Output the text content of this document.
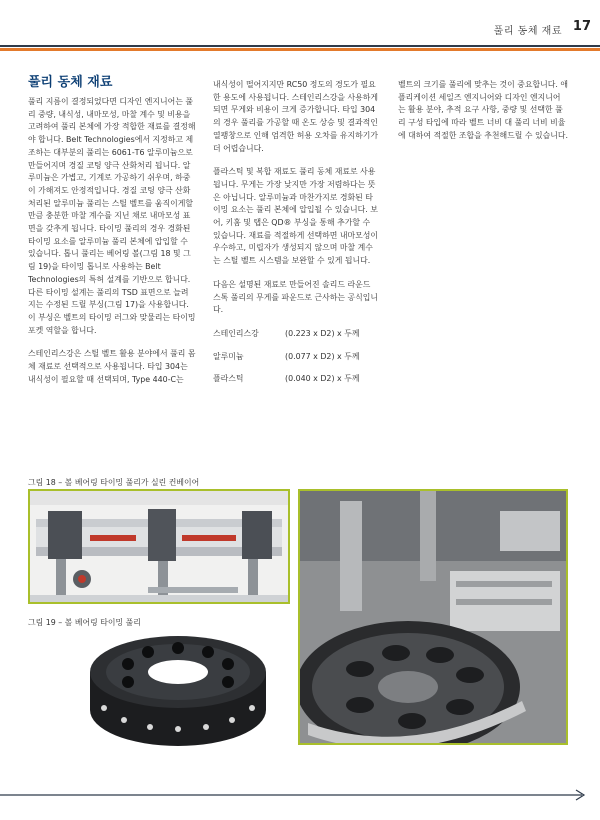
풀리 동체 재료 17
풀리 동체 재료

풀리 지름이 결정되었다면 디자인 엔지니어는 풀리 중량, 내식성, 내마모성, 마찰 계수 및 비용을 고려하여 풀리 본체에 가장 적합한 재료를 결정해야 합니다. Belt Technologies에서 지정하고 제조하는 대부분의 풀리는 6061-T6 알루미늄으로 만들어지며 경질 코팅 양극 산화처리 됩니다. 알루미늄은 가볍고, 기계로 가공하기 쉬우며, 하중이 가해져도 안정적입니다. 경질 코팅 양극 산화처리된 알루미늄 풀리는 스틸 벨트를 움직이게할 만큼 충분한 마찰 계수를 지닌 채로 내마모성 표면을 갖추게 됩니다. 타이밍 풀리의 경우 경화된 타이밍 요소를 알루미늄 풀리 본체에 압입할 수 있습니다. 톱니 풀리는 베어링 볼(그림 18 및 그림 19)을 타이밍 톱니로 사용하는 Belt Technologies의 특허 설계를 기반으로 합니다. 다른 타이밍 설계는 풀리의 TSD 표면으로 늘려지는 수정된 드릴 부싱(그림 17)을 사용합니다. 이 부싱은 벨트의 타이밍 러그와 맞물리는 타이밍 포켓 역할을 합니다.

스테인리스강은 스틸 벨트 활용 분야에서 풀리 몸체 재료로 선택적으로 사용됩니다. 타입 304는 내식성이 필요할 때 선택되며, Type 440-C는

내식성이 떨어지지만 RC50 정도의 경도가 필요한 용도에 사용됩니다. 스테인리스강을 사용하게 되면 무게와 비용이 크게 증가합니다. 타입 304의 경우 풀리를 가공할 때 온도 상승 및 결과적인 열팽창으로 인해 엄격한 허용 오차를 유지하기가 더 어렵습니다.

플라스틱 및 복합 재료도 풀리 동체 재료로 사용됩니다. 무게는 가장 낮지만 가장 저렴하다는 뜻은 아닙니다. 알루미늄과 마찬가지로 경화된 타이밍 요소는 풀리 본체에 압입될 수 있습니다. 보어, 키홈 및 탭은 QD® 부싱을 통해 추가할 수 있습니다. 재료를 적절하게 선택하면 내마모성이 우수하고, 미립자가 생성되지 않으며 마찰 계수는 스틸 벨트 시스템을 보완할 수 있게 됩니다.

다음은 설명된 재료로 만들어진 솔리드 라운드 스톡 풀리의 무게를 파운드로 근사하는 공식입니다.

스테인리스강	(0.223 x D2) x 두께
알루미늄	(0.077 x D2) x 두께
플라스틱	(0.040 x D2) x 두께

벨트의 크기를 풀리에 맞추는 것이 중요합니다. 애플리케이션 세일즈 엔지니어와 디자인 엔지니어는 활용 분야, 추적 요구 사항, 중량 및 선택한 풀리 구성 타입에 따라 벨트 너비 대 풀리 너비 비율에 대하여 적절한 조합을 추천해드릴 수 있습니다.

그림 18 – 볼 베어링 타이밍 풀리가 실린 컨베이어
그림 19 – 볼 베어링 타이밍 풀리
